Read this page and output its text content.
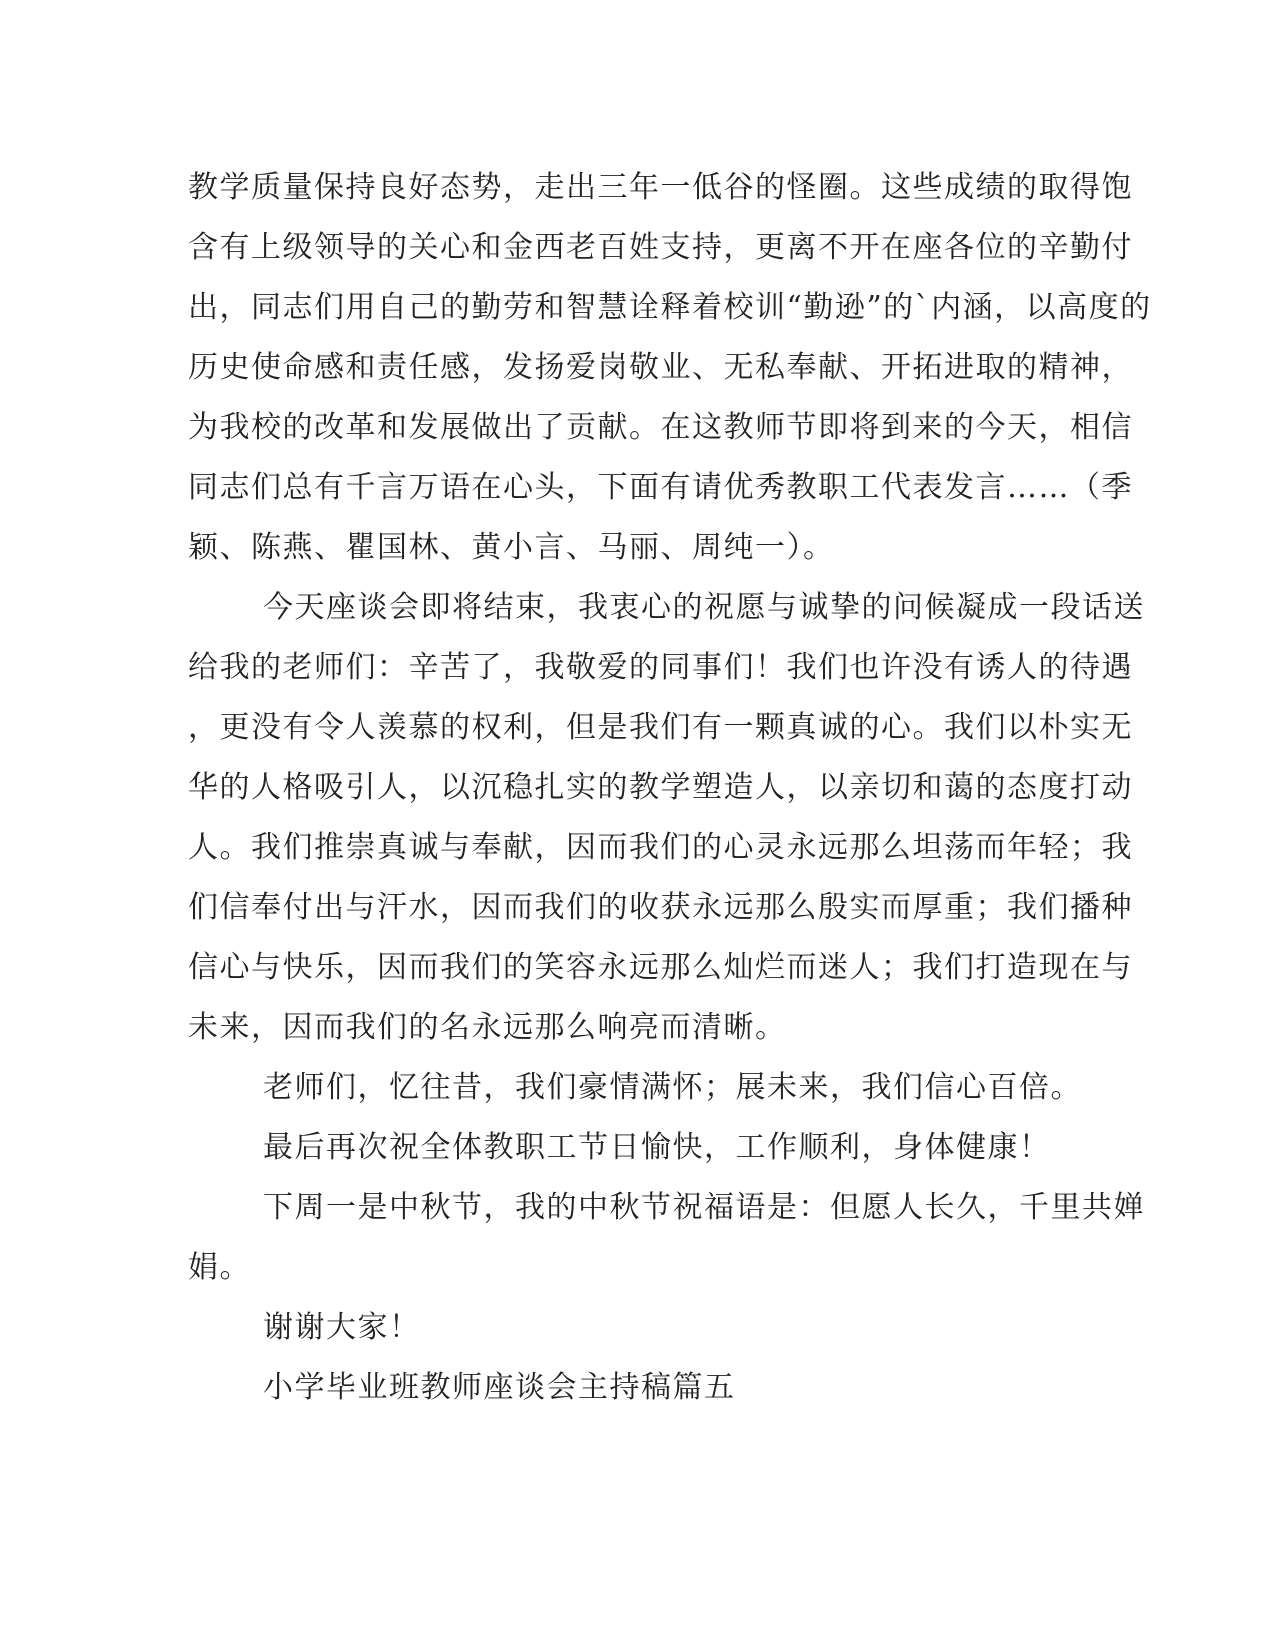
教学质量保持良好态势，走出三年一低谷的怪圈。这些成绩的取得饱
含有上级领导的关心和金西老百姓支持，更离不开在座各位的辛勤付
出，同志们用自己的勤劳和智慧诠释着校训“勤逊”的`内涵，以高度的
历史使命感和责任感，发扬爱岗敬业、无私奉献、开拓进取的精神，
为我校的改革和发展做出了贡献。在这教师节即将到来的今天，相信
同志们总有千言万语在心头，下面有请优秀教职工代表发言……（季
颖、陈燕、瞿国林、黄小言、马丽、周纯一）。
今天座谈会即将结束，我衷心的祝愿与诚挚的问候凝成一段话送
给我的老师们：辛苦了，我敬爱的同事们！我们也许没有诱人的待遇
，更没有令人羡慕的权利，但是我们有一颗真诚的心。我们以朴实无
华的人格吸引人，以沉稳扎实的教学塑造人，以亲切和蔼的态度打动
人。我们推崇真诚与奉献，因而我们的心灵永远那么坦荡而年轻；我
们信奉付出与汗水，因而我们的收获永远那么殷实而厚重；我们播种
信心与快乐，因而我们的笑容永远那么灿烂而迷人；我们打造现在与
未来，因而我们的名永远那么响亮而清晰。
老师们，忆往昔，我们豪情满怀；展未来，我们信心百倍。
最后再次祝全体教职工节日愉快，工作顺利，身体健康！
下周一是中秋节，我的中秋节祝福语是：但愿人长久，千里共婵
娟。
谢谢大家！
小学毕业班教师座谈会主持稿篇五
